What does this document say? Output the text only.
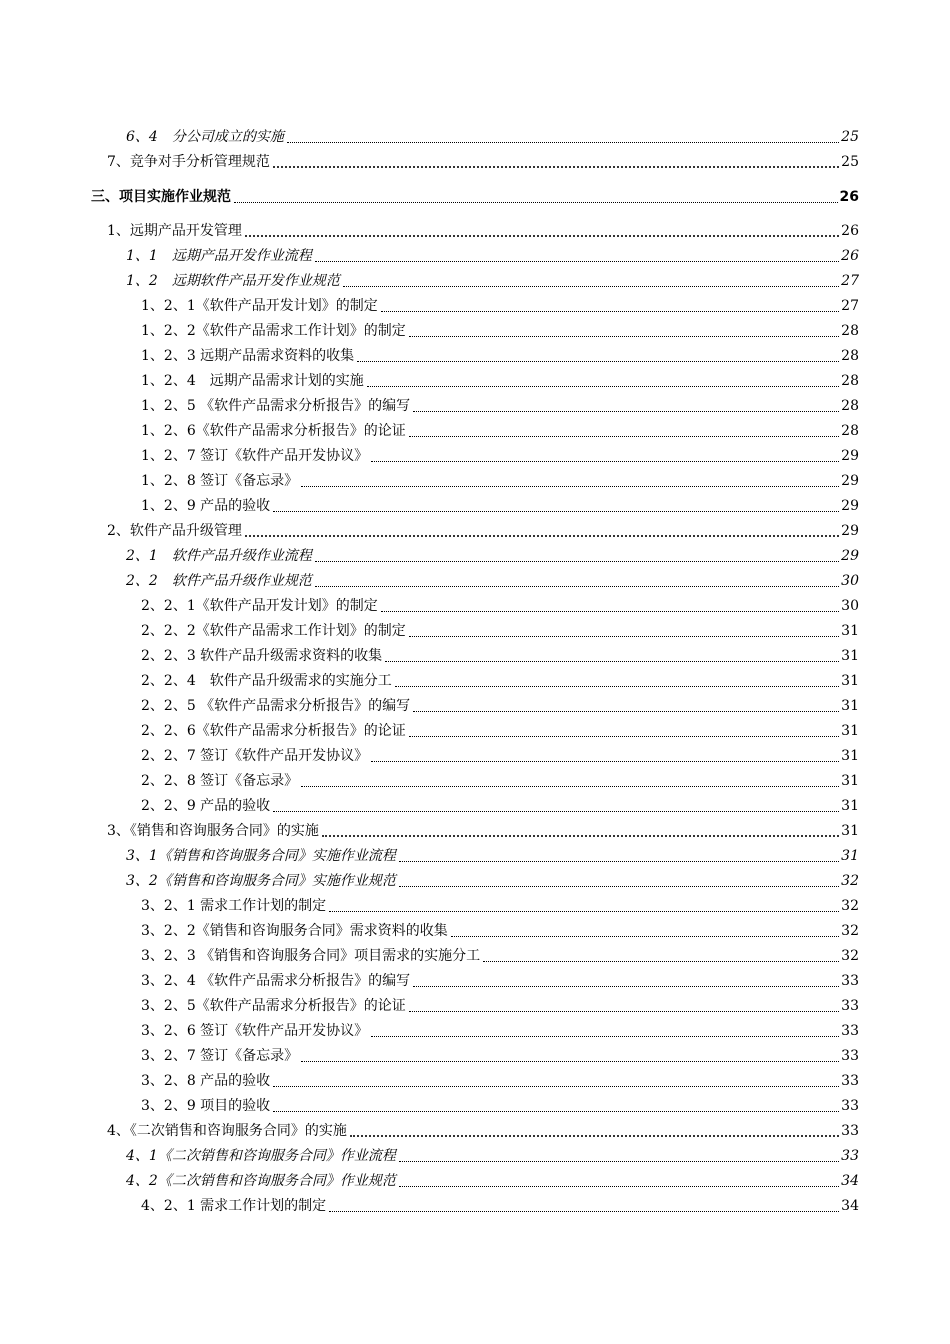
6、4　分公司成立的实施	25
7、竞争对手分析管理规范	25
三、项目实施作业规范	26
1、远期产品开发管理	26
1、1　远期产品开发作业流程	26
1、2　远期软件产品开发作业规范	27
1、2、1《软件产品开发计划》的制定	27
1、2、2《软件产品需求工作计划》的制定	28
1、2、3 远期产品需求资料的收集	28
1、2、4　远期产品需求计划的实施	28
1、2、5 《软件产品需求分析报告》的编写	28
1、2、6《软件产品需求分析报告》的论证	28
1、2、7 签订《软件产品开发协议》	29
1、2、8 签订《备忘录》	29
1、2、9 产品的验收	29
2、软件产品升级管理	29
2、1　软件产品升级作业流程	29
2、2　软件产品升级作业规范	30
2、2、1《软件产品开发计划》的制定	30
2、2、2《软件产品需求工作计划》的制定	31
2、2、3 软件产品升级需求资料的收集	31
2、2、4　软件产品升级需求的实施分工	31
2、2、5 《软件产品需求分析报告》的编写	31
2、2、6《软件产品需求分析报告》的论证	31
2、2、7 签订《软件产品开发协议》	31
2、2、8 签订《备忘录》	31
2、2、9 产品的验收	31
3、《销售和咨询服务合同》的实施	31
3、1《销售和咨询服务合同》实施作业流程	31
3、2《销售和咨询服务合同》实施作业规范	32
3、2、1 需求工作计划的制定	32
3、2、2《销售和咨询服务合同》需求资料的收集	32
3、2、3 《销售和咨询服务合同》项目需求的实施分工	32
3、2、4 《软件产品需求分析报告》的编写	33
3、2、5《软件产品需求分析报告》的论证	33
3、2、6 签订《软件产品开发协议》	33
3、2、7 签订《备忘录》	33
3、2、8 产品的验收	33
3、2、9 项目的验收	33
4、《二次销售和咨询服务合同》的实施	33
4、1《二次销售和咨询服务合同》作业流程	33
4、2《二次销售和咨询服务合同》作业规范	34
4、2、1 需求工作计划的制定	34
